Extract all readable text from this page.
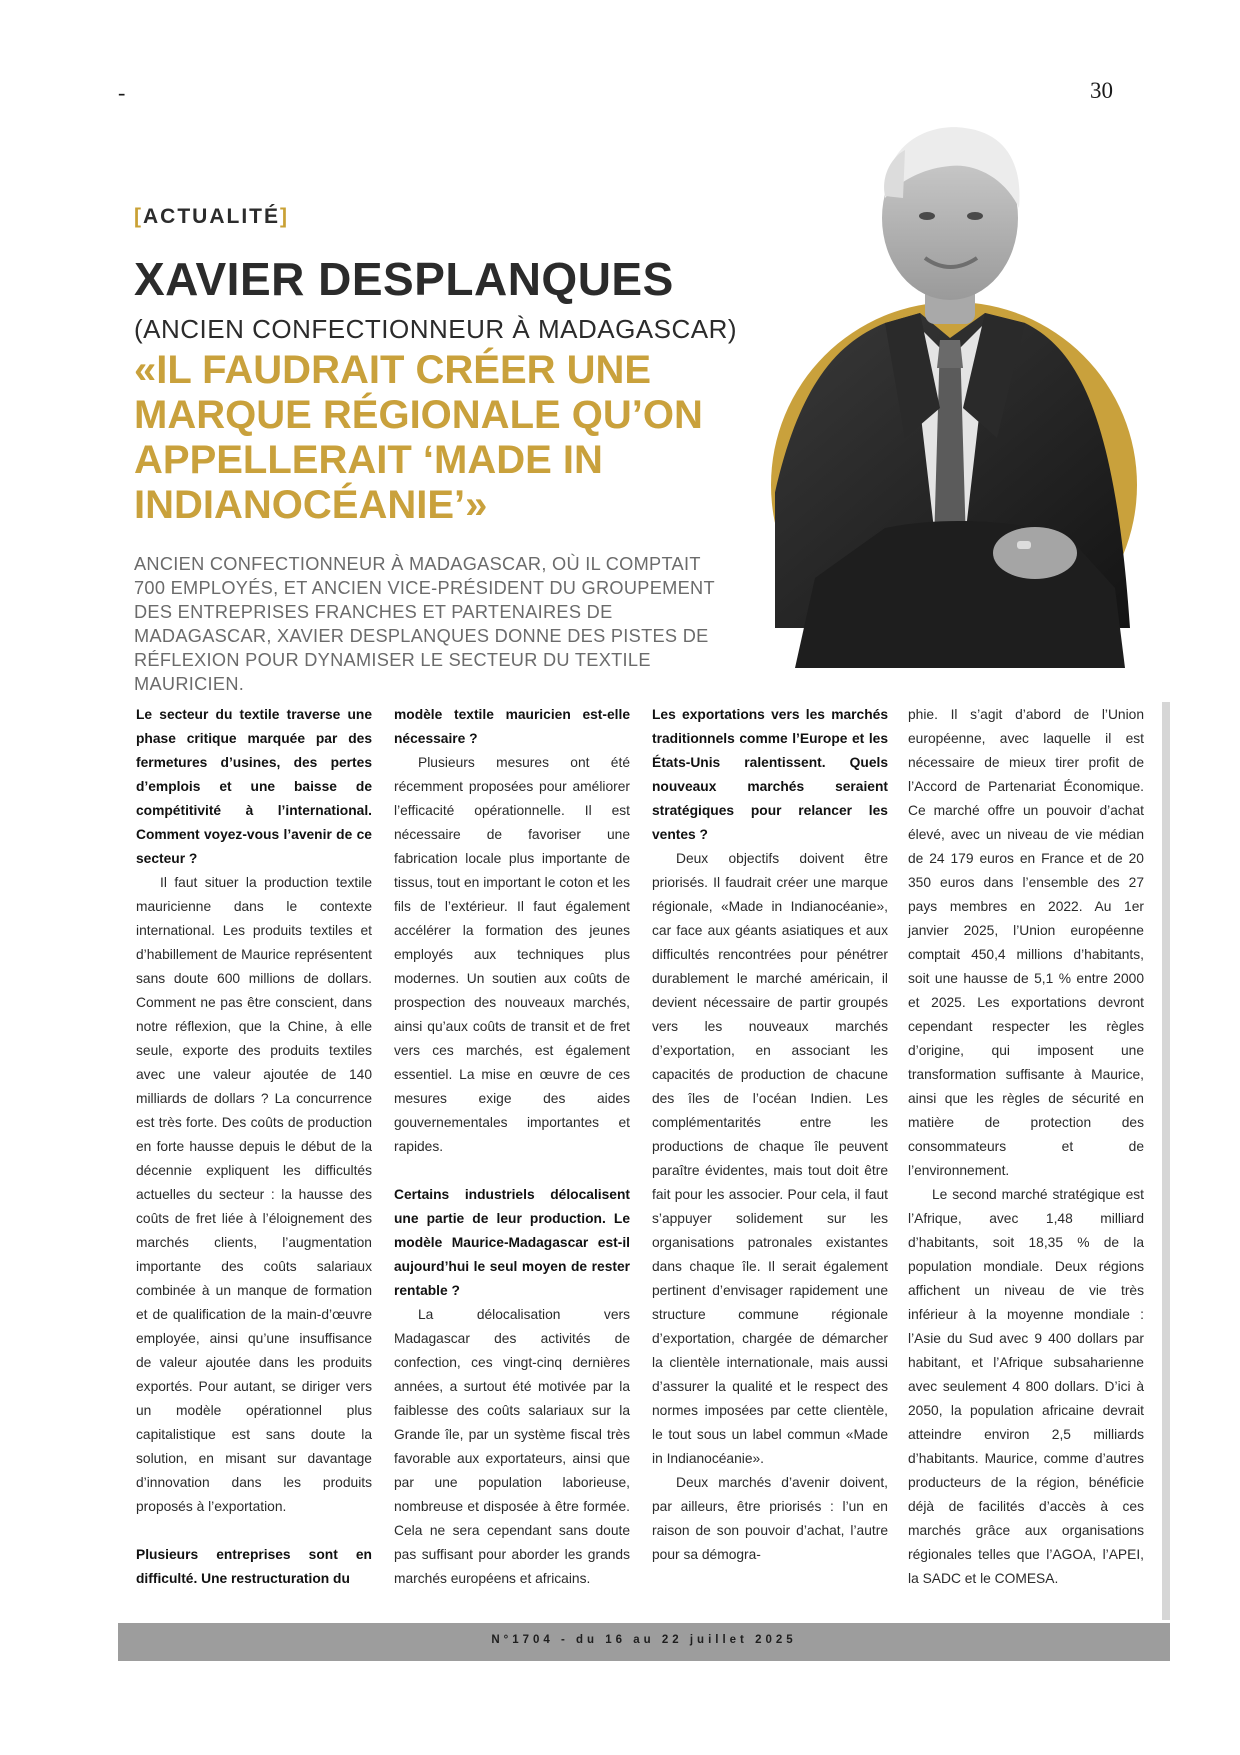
-	30
[ACTUALITÉ]
XAVIER DESPLANQUES
(ANCIEN CONFECTIONNEUR À MADAGASCAR)
«IL FAUDRAIT CRÉER UNE MARQUE RÉGIONALE QU’ON APPELLERAIT ‘MADE IN INDIANOCÉANIE’»
ANCIEN CONFECTIONNEUR À MADAGASCAR, OÙ IL COMPTAIT 700 EMPLOYÉS, ET ANCIEN VICE-PRÉSIDENT DU GROUPEMENT DES ENTREPRISES FRANCHES ET PARTENAIRES DE MADAGASCAR, XAVIER DESPLANQUES DONNE DES PISTES DE RÉFLEXION POUR DYNAMISER LE SECTEUR DU TEXTILE MAURICIEN.

Le secteur du textile traverse une phase critique marquée par des fermetures d’usines, des pertes d’emplois et une baisse de compétitivité à l’international. Comment voyez-vous l’avenir de ce secteur ?

Il faut situer la production textile mauricienne dans le contexte international. Les produits textiles et d’habillement de Maurice représentent sans doute 600 millions de dollars. Comment ne pas être conscient, dans notre réflexion, que la Chine, à elle seule, exporte des produits textiles avec une valeur ajoutée de 140 milliards de dollars ? La concurrence est très forte. Des coûts de production en forte hausse depuis le début de la décennie expliquent les difficultés actuelles du secteur : la hausse des coûts de fret liée à l’éloignement des marchés clients, l’augmentation importante des coûts salariaux combinée à un manque de formation et de qualification de la main-d’œuvre employée, ainsi qu’une insuffisance de valeur ajoutée dans les produits exportés. Pour autant, se diriger vers un modèle opérationnel plus capitalistique est sans doute la solution, en misant sur davantage d’innovation dans les produits proposés à l’exportation.

Plusieurs entreprises sont en difficulté. Une restructuration du

modèle textile mauricien est-elle nécessaire ?

Plusieurs mesures ont été récemment proposées pour améliorer l’efficacité opérationnelle. Il est nécessaire de favoriser une fabrication locale plus importante de tissus, tout en important le coton et les fils de l’extérieur. Il faut également accélérer la formation des jeunes employés aux techniques plus modernes. Un soutien aux coûts de prospection des nouveaux marchés, ainsi qu’aux coûts de transit et de fret vers ces marchés, est également essentiel. La mise en œuvre de ces mesures exige des aides gouvernementales importantes et rapides.

Certains industriels délocalisent une partie de leur production. Le modèle Maurice-Madagascar est-il aujourd’hui le seul moyen de rester rentable ?

La délocalisation vers Madagascar des activités de confection, ces vingt-cinq dernières années, a surtout été motivée par la faiblesse des coûts salariaux sur la Grande île, par un système fiscal très favorable aux exportateurs, ainsi que par une population laborieuse, nombreuse et disposée à être formée. Cela ne sera cependant sans doute pas suffisant pour aborder les grands marchés européens et africains.

Les exportations vers les marchés traditionnels comme l’Europe et les États-Unis ralentissent. Quels nouveaux marchés seraient stratégiques pour relancer les ventes ?

Deux objectifs doivent être priorisés. Il faudrait créer une marque régionale, «Made in Indianocéanie», car face aux géants asiatiques et aux difficultés rencontrées pour pénétrer durablement le marché américain, il devient nécessaire de partir groupés vers les nouveaux marchés d’exportation, en associant les capacités de production de chacune des îles de l’océan Indien. Les complémentarités entre les productions de chaque île peuvent paraître évidentes, mais tout doit être fait pour les associer. Pour cela, il faut s’appuyer solidement sur les organisations patronales existantes dans chaque île. Il serait également pertinent d’envisager rapidement une structure commune régionale d’exportation, chargée de démarcher la clientèle internationale, mais aussi d’assurer la qualité et le respect des normes imposées par cette clientèle, le tout sous un label commun «Made in Indianocéanie».

Deux marchés d’avenir doivent, par ailleurs, être priorisés : l’un en raison de son pouvoir d’achat, l’autre pour sa démogra-

phie. Il s’agit d’abord de l’Union européenne, avec laquelle il est nécessaire de mieux tirer profit de l’Accord de Partenariat Économique. Ce marché offre un pouvoir d’achat élevé, avec un niveau de vie médian de 24 179 euros en France et de 20 350 euros dans l’ensemble des 27 pays membres en 2022. Au 1er janvier 2025, l’Union européenne comptait 450,4 millions d’habitants, soit une hausse de 5,1 % entre 2000 et 2025. Les exportations devront cependant respecter les règles d’origine, qui imposent une transformation suffisante à Maurice, ainsi que les règles de sécurité en matière de protection des consommateurs et de l’environnement.

Le second marché stratégique est l’Afrique, avec 1,48 milliard d’habitants, soit 18,35 % de la population mondiale. Deux régions affichent un niveau de vie très inférieur à la moyenne mondiale : l’Asie du Sud avec 9 400 dollars par habitant, et l’Afrique subsaharienne avec seulement 4 800 dollars. D’ici à 2050, la population africaine devrait atteindre environ 2,5 milliards d’habitants. Maurice, comme d’autres producteurs de la région, bénéficie déjà de facilités d’accès à ces marchés grâce aux organisations régionales telles que l’AGOA, l’APEI, la SADC et le COMESA.

N°1704 - du 16 au 22 juillet 2025
